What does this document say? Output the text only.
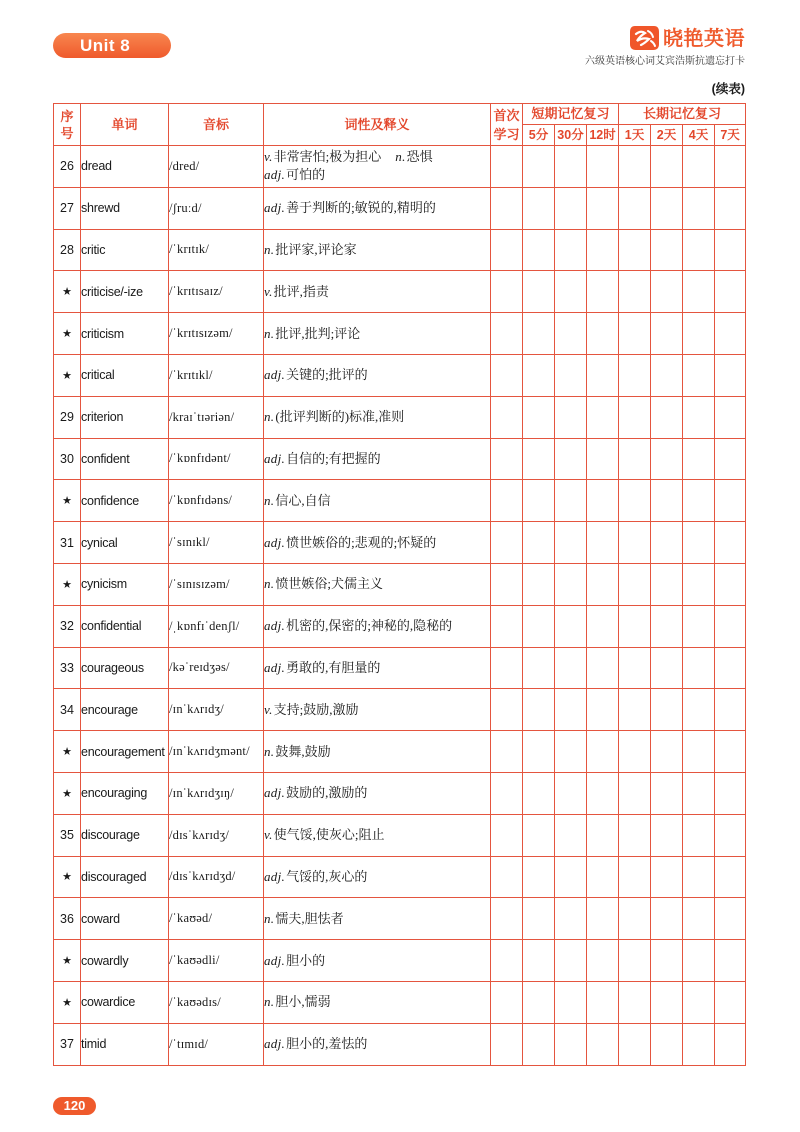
Unit 8	晓艳英语
六级英语核心词艾宾浩斯抗遗忘打卡
(续表)
序号	单词	音标	词性及释义	首次学习	短期记忆复习			长期记忆复习			
					5分	30分	12时	1天	2天	4天	7天
26	dread	/dred/	v.非常害怕;极为担心 n.恐惧
adj.可怕的								

27	shrewd	/ʃruːd/	adj.善于判断的;敏锐的,精明的								

28	critic	/ˈkrɪtɪk/	n.批评家,评论家								

★	criticise/-ize	/ˈkrɪtɪsaɪz/	v.批评,指责								

★	criticism	/ˈkrɪtɪsɪzəm/	n.批评,批判;评论								

★	critical	/ˈkrɪtɪkl/	adj.关键的;批评的								

29	criterion	/kraɪˈtɪəriən/	n.(批评判断的)标准,准则								

30	confident	/ˈkɒnfɪdənt/	adj.自信的;有把握的								

★	confidence	/ˈkɒnfɪdəns/	n.信心,自信								

31	cynical	/ˈsɪnɪkl/	adj.愤世嫉俗的;悲观的;怀疑的								

★	cynicism	/ˈsɪnɪsɪzəm/	n.愤世嫉俗;犬儒主义								

32	confidential	/ˌkɒnfɪˈdenʃl/	adj.机密的,保密的;神秘的,隐秘的								

33	courageous	/kəˈreɪdʒəs/	adj.勇敢的,有胆量的								

34	encourage	/ɪnˈkʌrɪdʒ/	v.支持;鼓励,激励								

★	encouragement	/ɪnˈkʌrɪdʒmənt/	n.鼓舞,鼓励								

★	encouraging	/ɪnˈkʌrɪdʒɪŋ/	adj.鼓励的,激励的								

35	discourage	/dɪsˈkʌrɪdʒ/	v.使气馁,使灰心;阻止								

★	discouraged	/dɪsˈkʌrɪdʒd/	adj.气馁的,灰心的								

36	coward	/ˈkaʊəd/	n.懦夫,胆怯者								

★	cowardly	/ˈkaʊədli/	adj.胆小的								

★	cowardice	/ˈkaʊədɪs/	n.胆小,懦弱								

37	timid	/ˈtɪmɪd/	adj.胆小的,羞怯的								

120
